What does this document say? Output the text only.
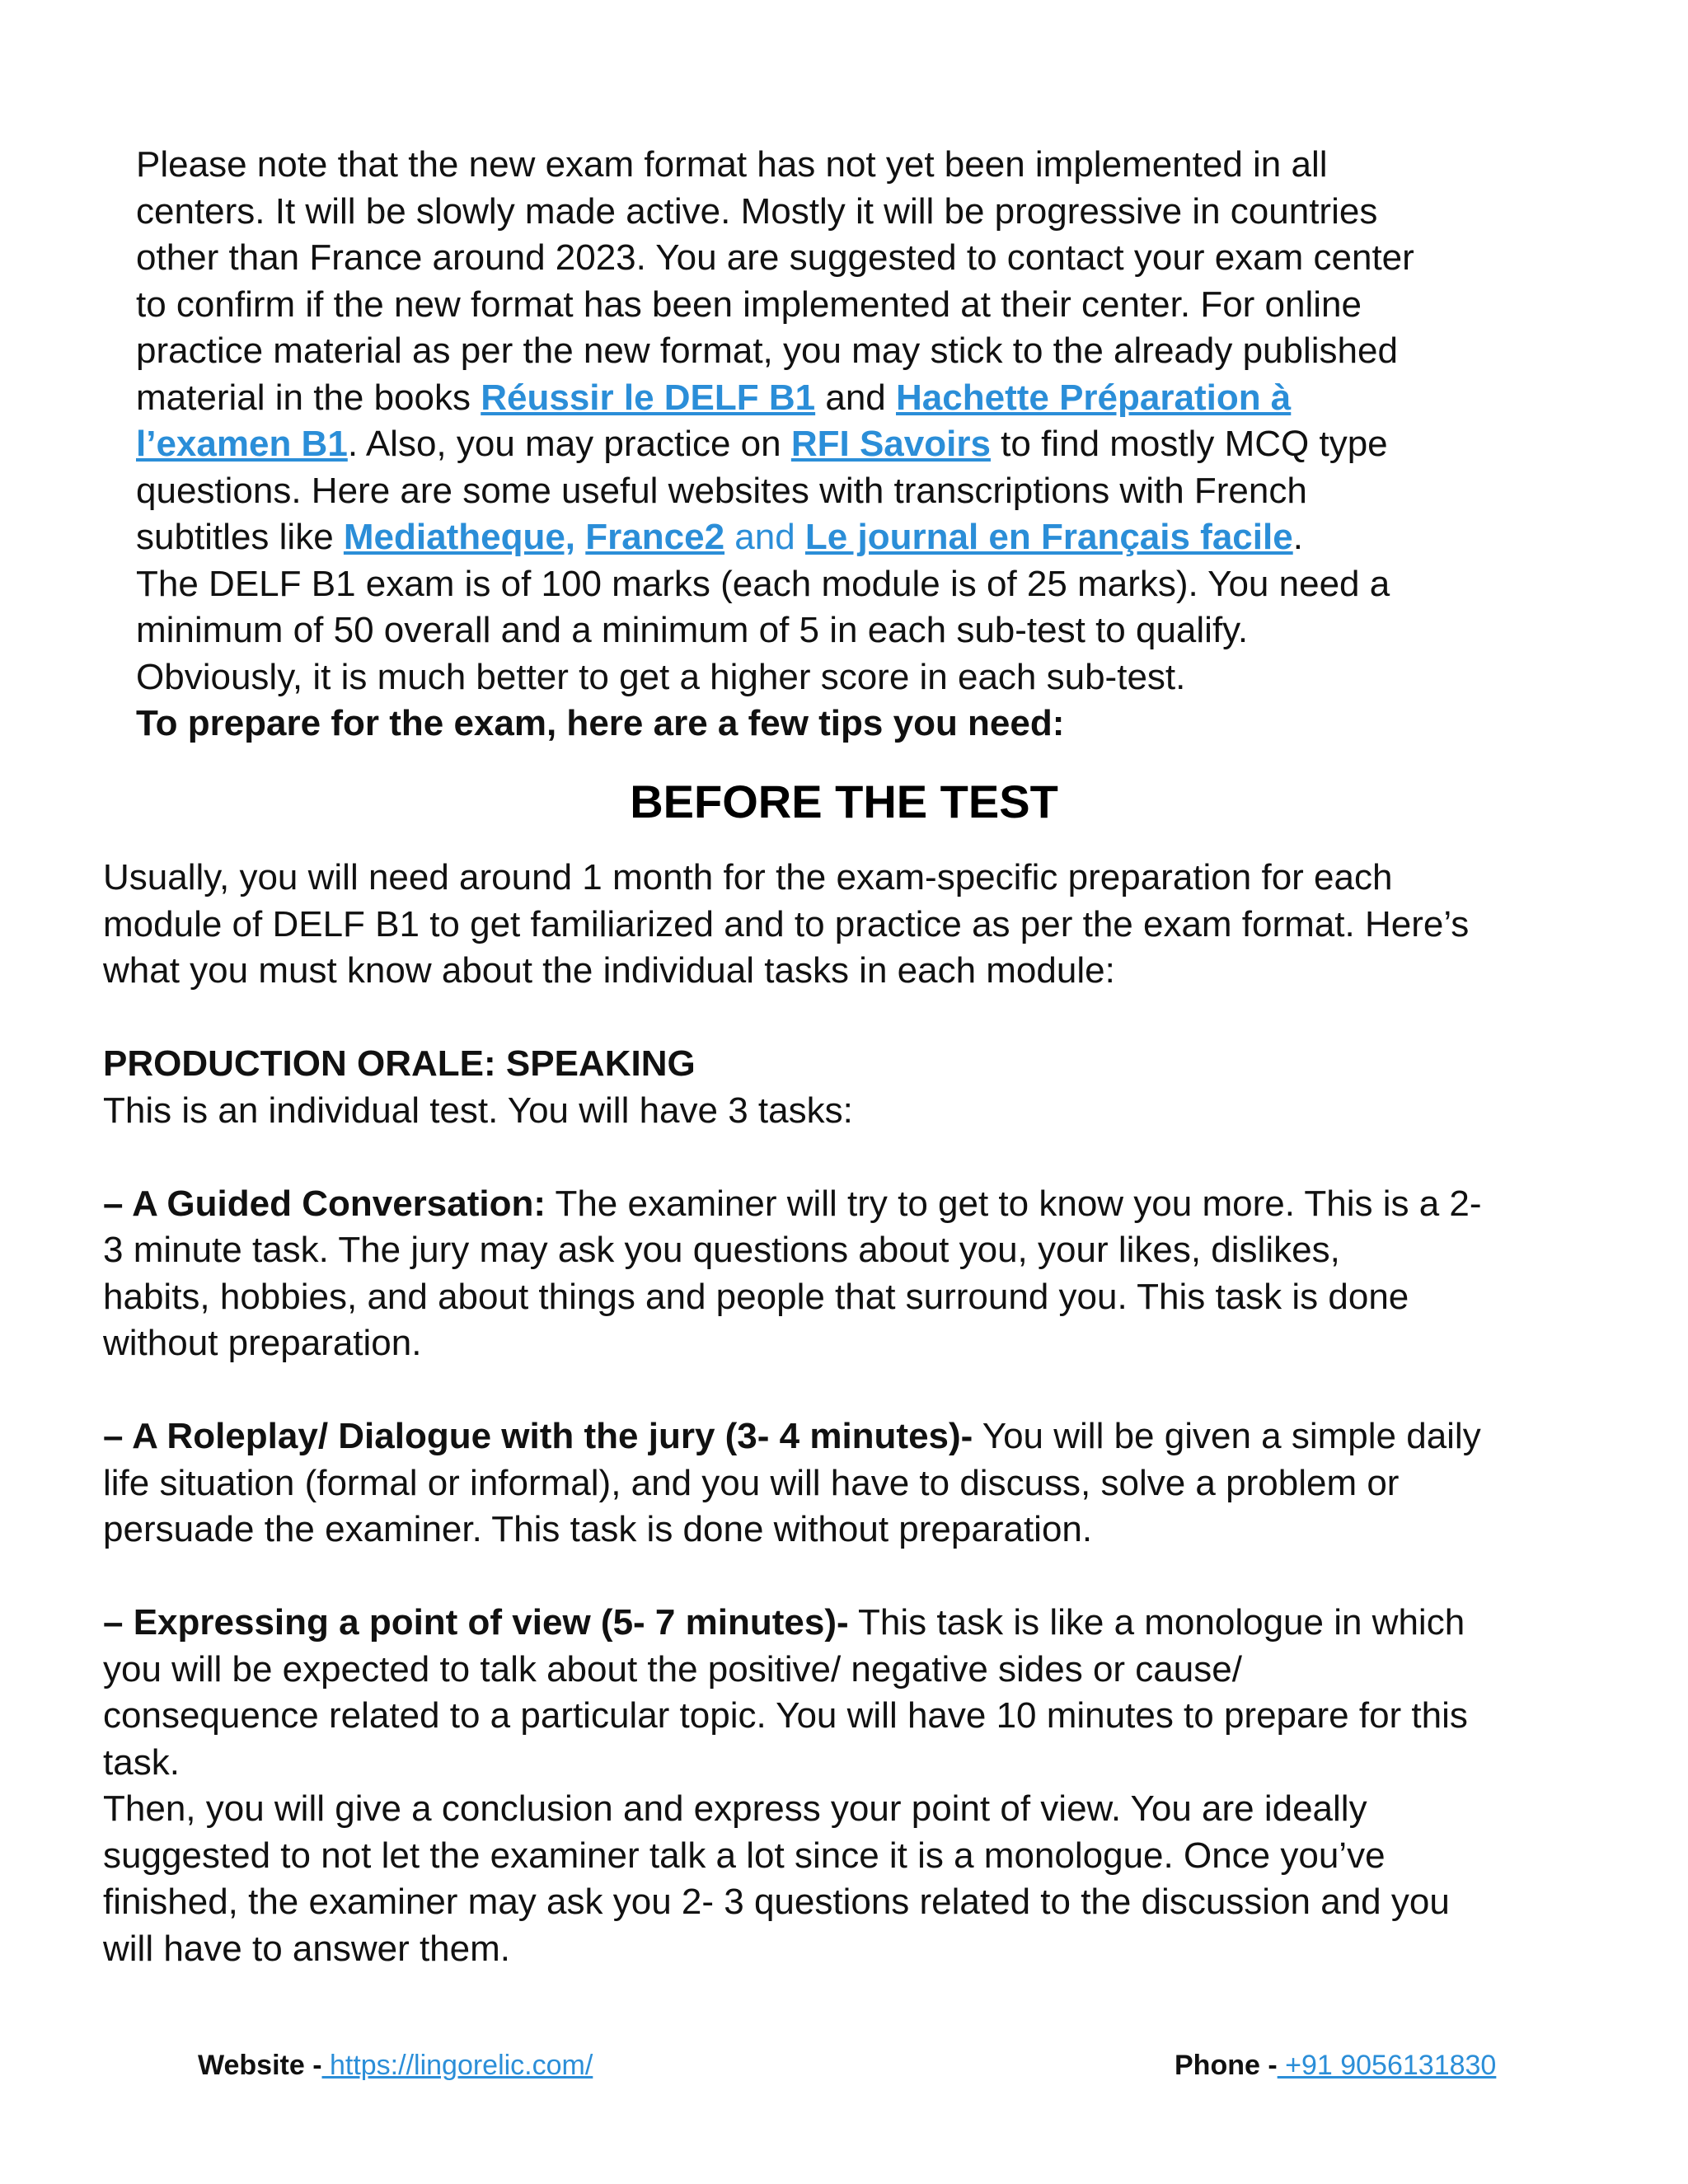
Please note that the new exam format has not yet been implemented in all
centers. It will be slowly made active. Mostly it will be progressive in countries
other than France around 2023. You are suggested to contact your exam center
to confirm if the new format has been implemented at their center. For online
practice material as per the new format, you may stick to the already published
material in the books Réussir le DELF B1 and Hachette Préparation à
l’examen B1. Also, you may practice on RFI Savoirs to find mostly MCQ type
questions. Here are some useful websites with transcriptions with French
subtitles like Mediatheque, France2 and Le journal en Français facile.
The DELF B1 exam is of 100 marks (each module is of 25 marks). You need a
minimum of 50 overall and a minimum of 5 in each sub-test to qualify.
Obviously, it is much better to get a higher score in each sub-test.
To prepare for the exam, here are a few tips you need:
BEFORE THE TEST
Usually, you will need around 1 month for the exam-specific preparation for each
module of DELF B1 to get familiarized and to practice as per the exam format. Here’s
what you must know about the individual tasks in each module:
PRODUCTION ORALE: SPEAKING
This is an individual test. You will have 3 tasks:
– A Guided Conversation: The examiner will try to get to know you more. This is a 2-
3 minute task. The jury may ask you questions about you, your likes, dislikes,
habits, hobbies, and about things and people that surround you. This task is done
without preparation.
– A Roleplay/ Dialogue with the jury (3- 4 minutes)- You will be given a simple daily
life situation (formal or informal), and you will have to discuss, solve a problem or
persuade the examiner. This task is done without preparation.
– Expressing a point of view (5- 7 minutes)- This task is like a monologue in which
you will be expected to talk about the positive/ negative sides or cause/
consequence related to a particular topic. You will have 10 minutes to prepare for this
task.
Then, you will give a conclusion and express your point of view. You are ideally
suggested to not let the examiner talk a lot since it is a monologue. Once you’ve
finished, the examiner may ask you 2- 3 questions related to the discussion and you
will have to answer them.
Website - https://lingorelic.com/	Phone - +91 9056131830
